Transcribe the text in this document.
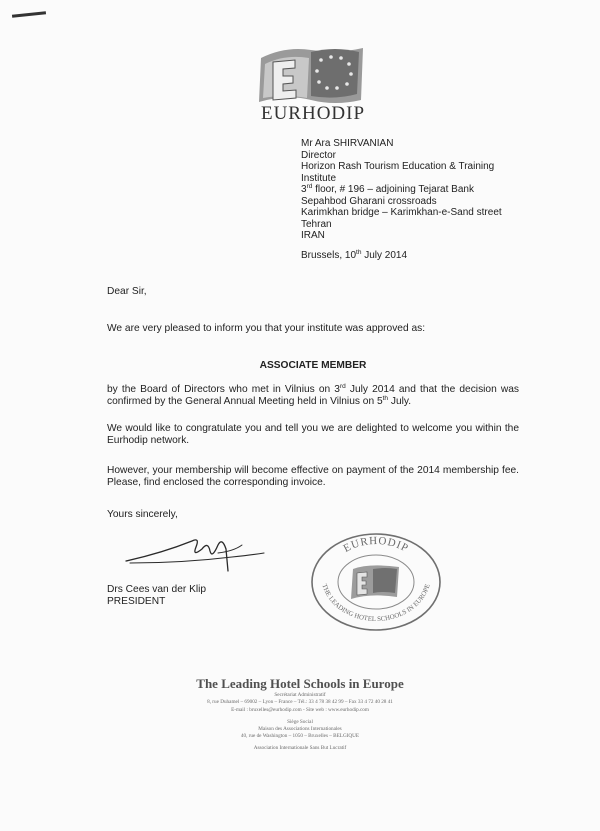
EURHODIP
Mr Ara SHIRVANIAN
Director
Horizon Rash Tourism Education & Training
Institute
3rd floor, # 196 – adjoining Tejarat Bank
Sepahbod Gharani crossroads
Karimkhan bridge – Karimkhan-e-Sand street
Tehran
IRAN
Brussels, 10th July 2014
Dear Sir,
We are very pleased to inform you that your institute was approved as:
ASSOCIATE MEMBER
by the Board of Directors who met in Vilnius on 3rd July 2014 and that the decision was confirmed by the General Annual Meeting held in Vilnius on 5th July.
We would like to congratulate you and tell you we are delighted to welcome you within the Eurhodip network.
However, your membership will become effective on payment of the 2014 membership fee. Please, find enclosed the corresponding invoice.
Yours sincerely,
Drs Cees van der Klip
PRESIDENT
EURHODIP
THE LEADING HOTEL SCHOOLS IN EUROPE
The Leading Hotel Schools in Europe
Secrétariat Administratif
8, rue Duhamel – 69002 – Lyon – France – Tél.: 33 4 78 38 42 99 – Fax 33 4 72 40 28 41
E-mail : bruxelles@eurhodip.com - Site web : www.eurhodip.com
Siège Social
Maison des Associations Internationales
40, rue de Washington – 1050 – Bruxelles – BELGIQUE
Association Internationale Sans But Lucratif
